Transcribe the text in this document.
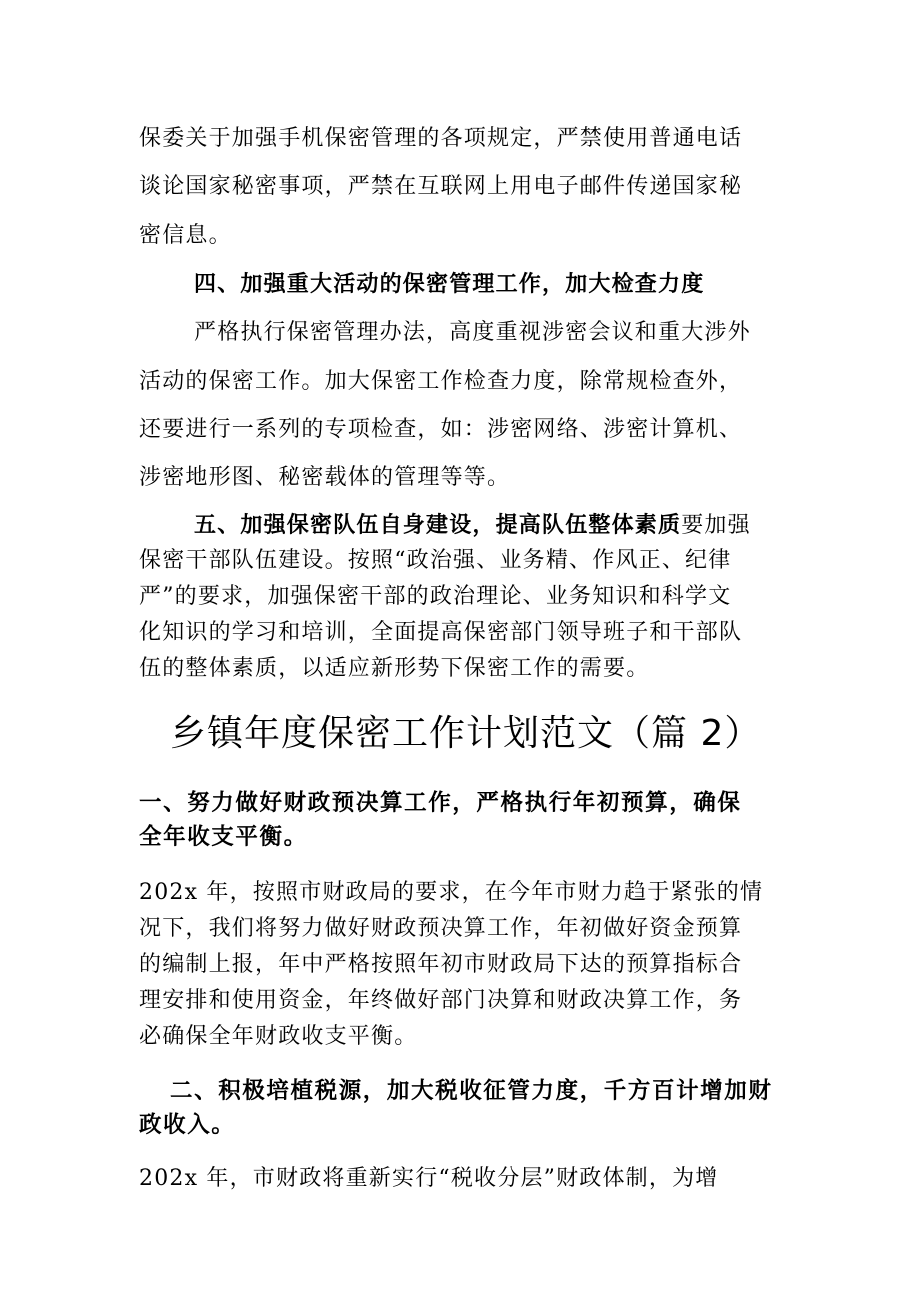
保委关于加强手机保密管理的各项规定，严禁使用普通电话
谈论国家秘密事项，严禁在互联网上用电子邮件传递国家秘
密信息。
四、加强重大活动的保密管理工作，加大检查力度
严格执行保密管理办法，高度重视涉密会议和重大涉外
活动的保密工作。加大保密工作检查力度，除常规检查外，
还要进行一系列的专项检查，如：涉密网络、涉密计算机、
涉密地形图、秘密载体的管理等等。
五、加强保密队伍自身建设，提高队伍整体素质要加强
保密干部队伍建设。按照“政治强、业务精、作风正、纪律
严”的要求，加强保密干部的政治理论、业务知识和科学文
化知识的学习和培训，全面提高保密部门领导班子和干部队
伍的整体素质，以适应新形势下保密工作的需要。
乡镇年度保密工作计划范文（篇 2）
一、努力做好财政预决算工作，严格执行年初预算，确保
全年收支平衡。
202x 年，按照市财政局的要求，在今年市财力趋于紧张的情
况下，我们将努力做好财政预决算工作，年初做好资金预算
的编制上报，年中严格按照年初市财政局下达的预算指标合
理安排和使用资金，年终做好部门决算和财政决算工作，务
必确保全年财政收支平衡。
二、积极培植税源，加大税收征管力度，千方百计增加财
政收入。
202x 年，市财政将重新实行“税收分层”财政体制，为增
